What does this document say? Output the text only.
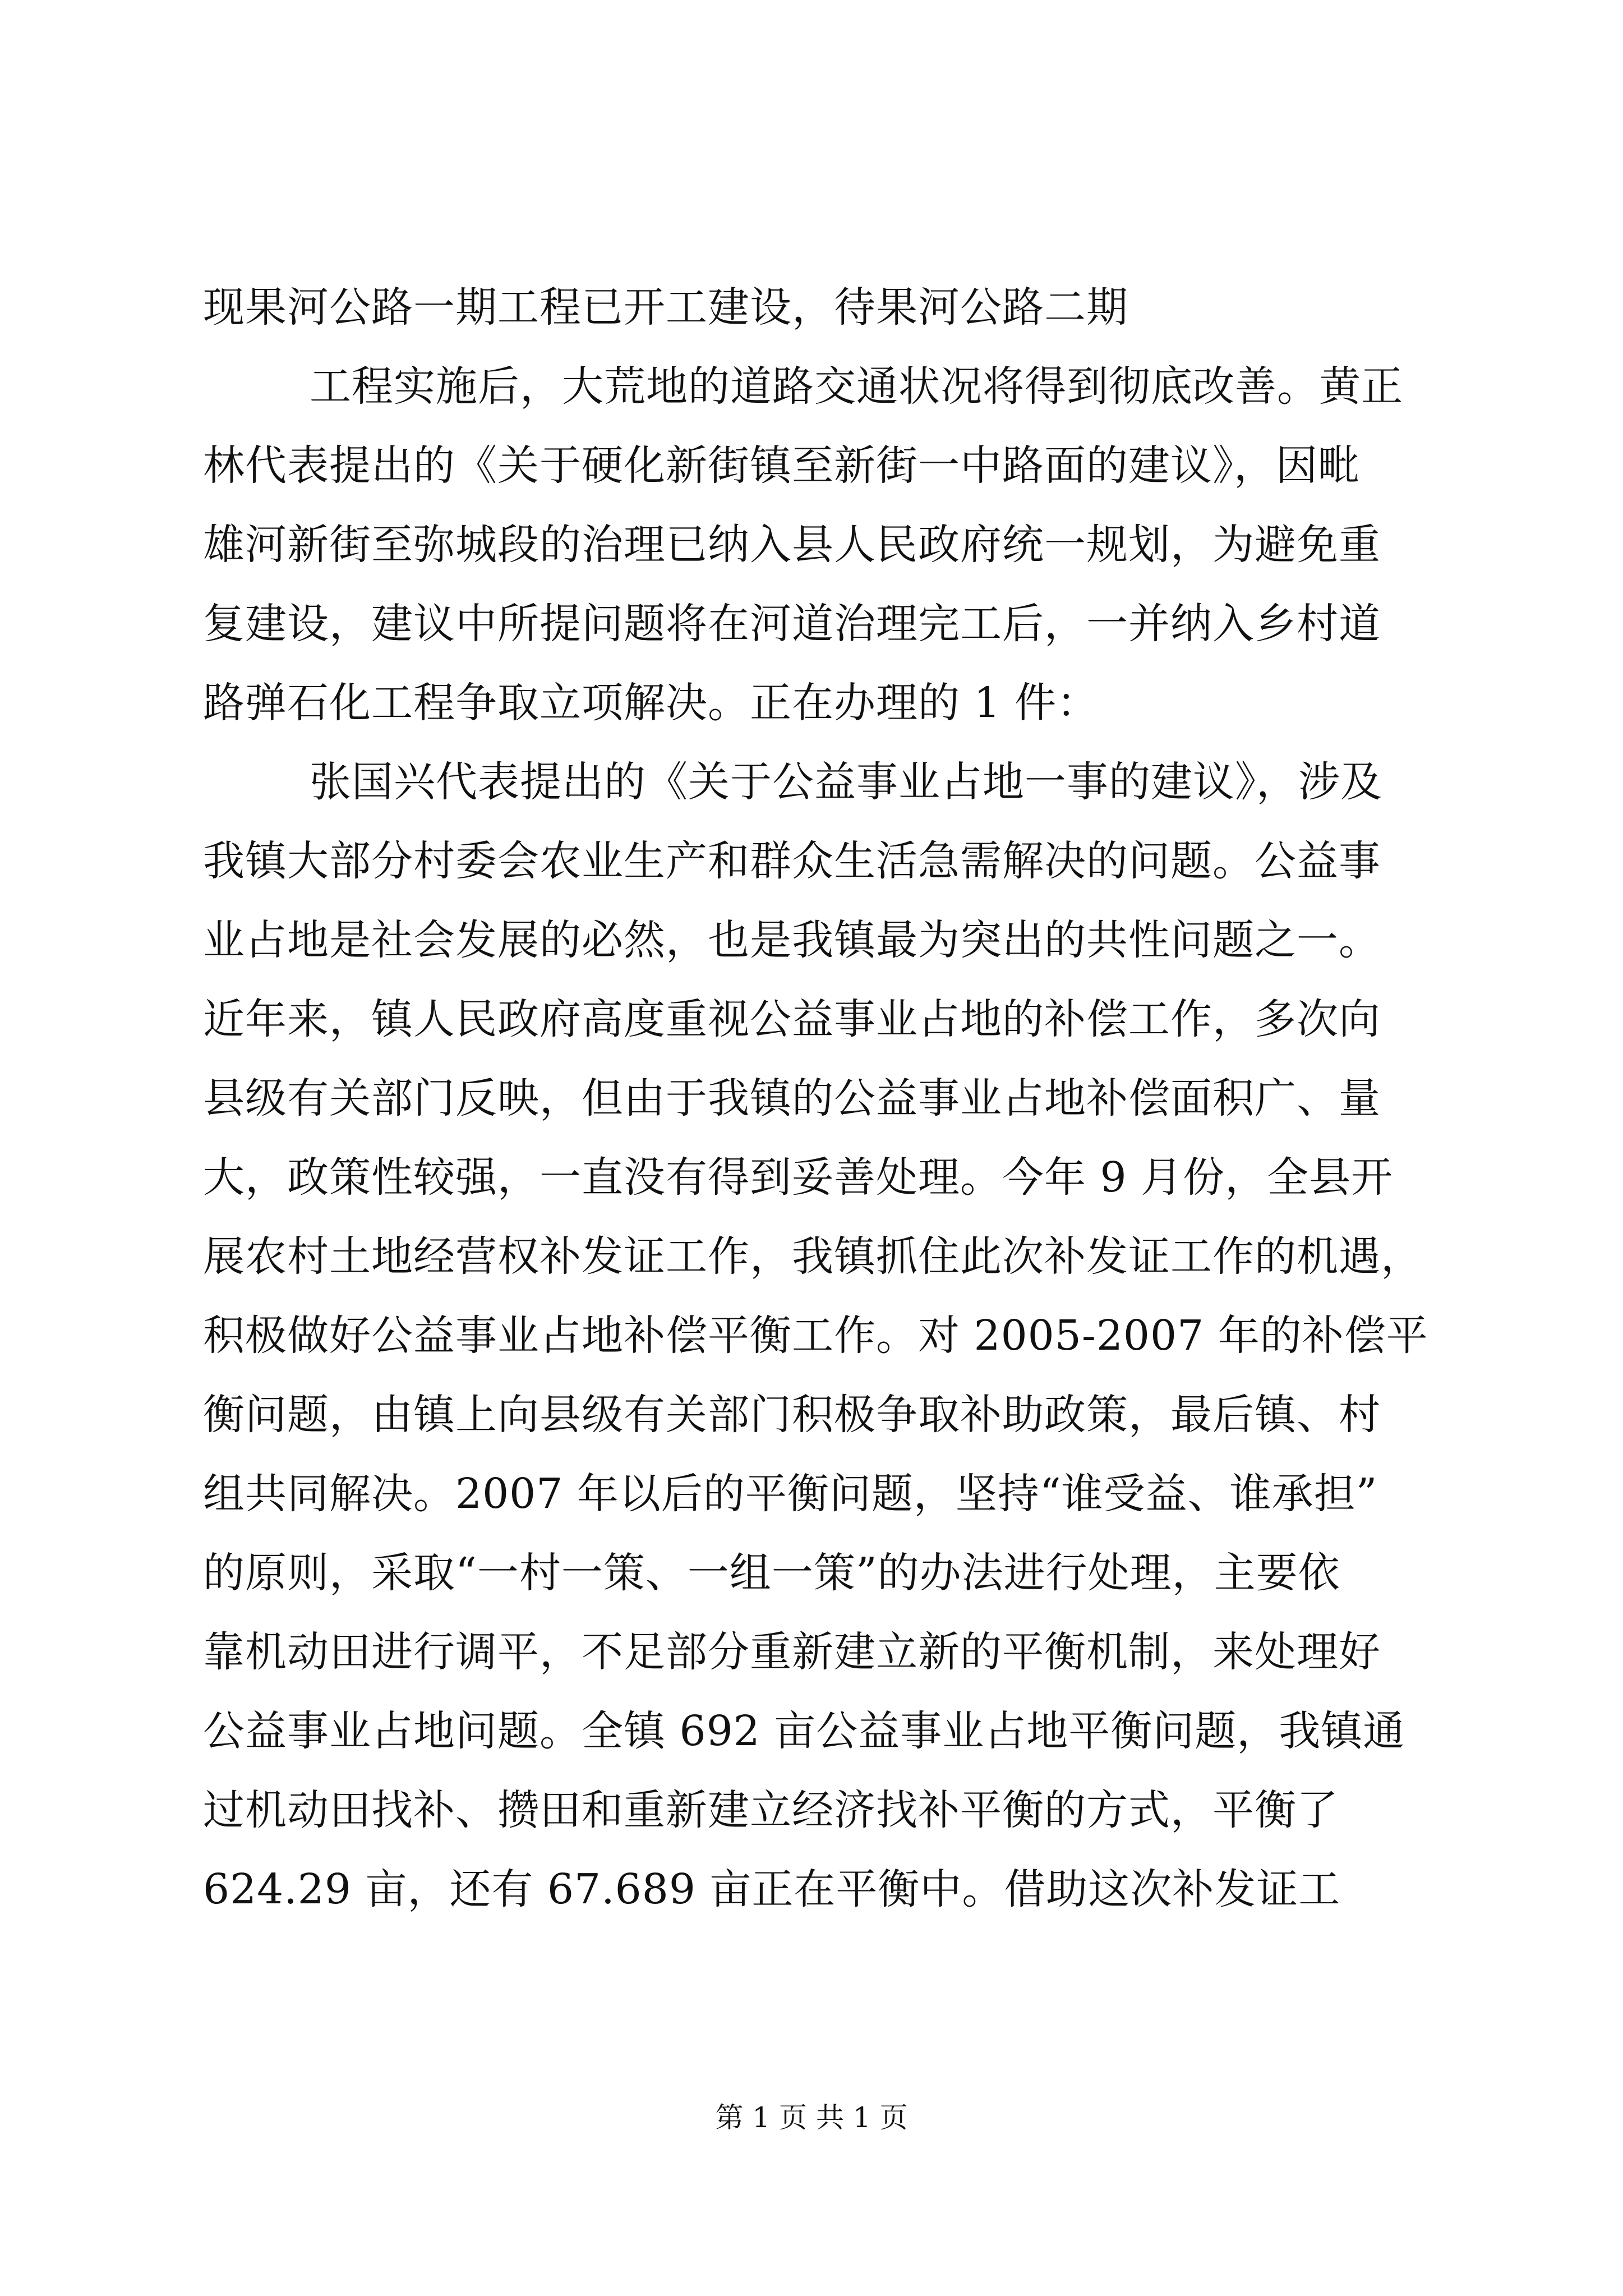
现果河公路一期工程已开工建设，待果河公路二期
工程实施后，大荒地的道路交通状况将得到彻底改善。黄正
林代表提出的《关于硬化新街镇至新街一中路面的建议》，因毗
雄河新街至弥城段的治理已纳入县人民政府统一规划，为避免重
复建设，建议中所提问题将在河道治理完工后，一并纳入乡村道
路弹石化工程争取立项解决。正在办理的 1 件：
张国兴代表提出的《关于公益事业占地一事的建议》，涉及
我镇大部分村委会农业生产和群众生活急需解决的问题。公益事
业占地是社会发展的必然，也是我镇最为突出的共性问题之一。
近年来，镇人民政府高度重视公益事业占地的补偿工作，多次向
县级有关部门反映，但由于我镇的公益事业占地补偿面积广、量
大，政策性较强，一直没有得到妥善处理。今年 9 月份，全县开
展农村土地经营权补发证工作，我镇抓住此次补发证工作的机遇，
积极做好公益事业占地补偿平衡工作。对 2005-2007 年的补偿平
衡问题，由镇上向县级有关部门积极争取补助政策，最后镇、村
组共同解决。2007 年以后的平衡问题，坚持“谁受益、谁承担”
的原则，采取“一村一策、一组一策”的办法进行处理，主要依
靠机动田进行调平，不足部分重新建立新的平衡机制，来处理好
公益事业占地问题。全镇 692 亩公益事业占地平衡问题，我镇通
过机动田找补、攒田和重新建立经济找补平衡的方式，平衡了
624.29 亩，还有 67.689 亩正在平衡中。借助这次补发证工
第 1 页 共 1 页
